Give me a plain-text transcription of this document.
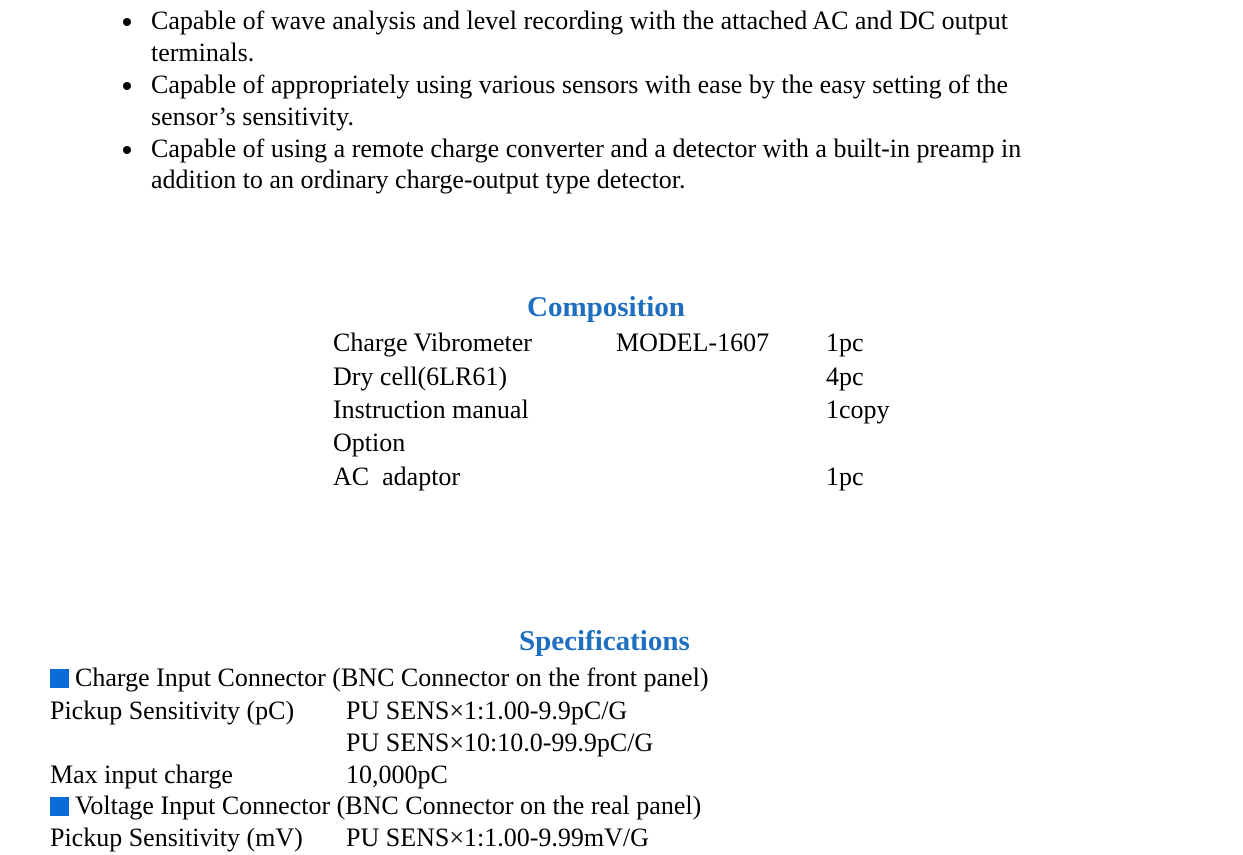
Capable of wave analysis and level recording with the attached AC and DC output
terminals.
Capable of appropriately using various sensors with ease by the easy setting of the
sensor’s sensitivity.
Capable of using a remote charge converter and a detector with a built-in preamp in
addition to an ordinary charge-output type detector.
Composition
Charge Vibrometer	MODEL-1607 1pc
Dry cell(6LR61)	4pc
Instruction manual	1copy
Option
AC  adaptor	1pc
Specifications
Charge Input Connector (BNC Connector on the front panel)
Pickup Sensitivity (pC) PU SENS×1:1.00-9.9pC/G
PU SENS×10:10.0-99.9pC/G
Max input charge	10,000pC
Voltage Input Connector (BNC Connector on the real panel)
Pickup Sensitivity (mV) PU SENS×1:1.00-9.99mV/G
